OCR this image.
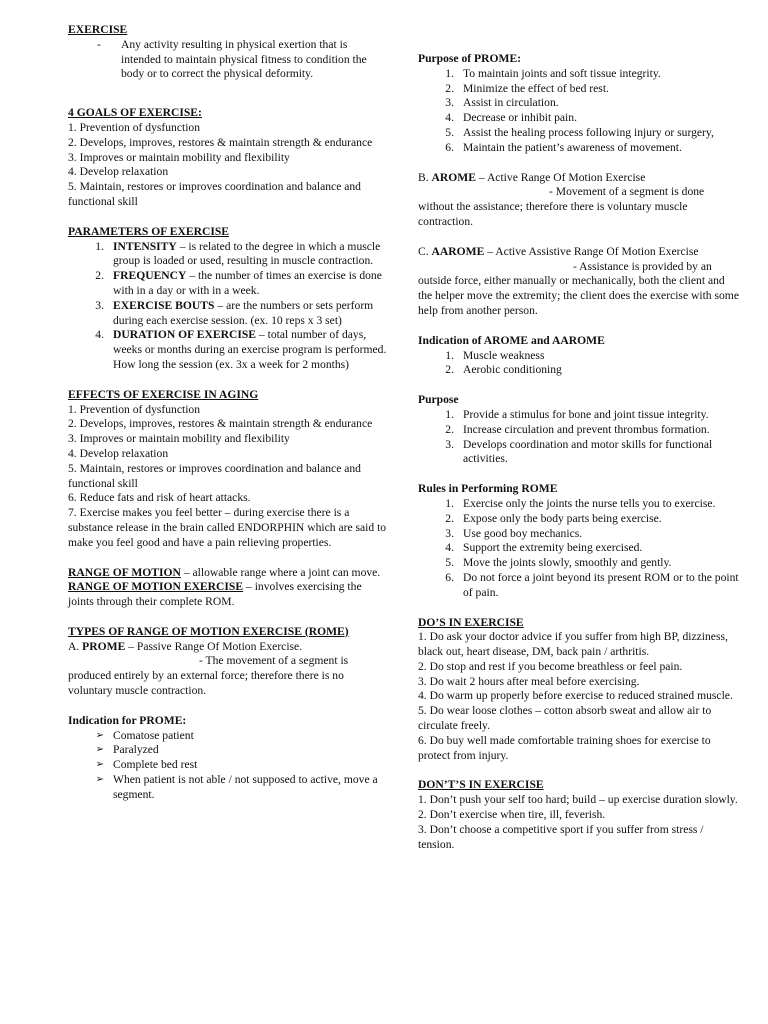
EXERCISE

-	Any activity resulting in physical exertion that is intended to maintain physical fitness to condition the body or to correct the physical deformity.

4 GOALS OF EXERCISE:

1. Prevention of dysfunction

2. Develops, improves, restores & maintain strength & endurance

3. Improves or maintain mobility and flexibility

4. Develop relaxation

5. Maintain, restores or improves coordination and balance and functional skill

PARAMETERS OF EXERCISE

1. INTENSITY – is related to the degree in which a muscle group is loaded or used, resulting in muscle contraction.
2. FREQUENCY – the number of times an exercise is done with in a day or with in a week.
3. EXERCISE BOUTS – are the numbers or sets perform during each exercise session. (ex. 10 reps x 3 set)
4. DURATION OF EXERCISE – total number of days, weeks or months during an exercise program is performed. How long the session (ex. 3x a week for 2 months)

EFFECTS OF EXERCISE IN AGING

1. Prevention of dysfunction

2. Develops, improves, restores & maintain strength & endurance

3. Improves or maintain mobility and flexibility

4. Develop relaxation

5. Maintain, restores or improves coordination and balance and functional skill

6. Reduce fats and risk of heart attacks.

7. Exercise makes you feel better – during exercise there is a substance release in the brain called ENDORPHIN which are said to make you feel good and have a pain relieving properties.

RANGE OF MOTION – allowable range where a joint can move.

RANGE OF MOTION EXERCISE – involves exercising the joints through their complete ROM.

TYPES OF RANGE OF MOTION EXERCISE (ROME)

A. PROME – Passive Range Of Motion Exercise.

- The movement of a segment is

produced entirely by an external force; therefore there is no voluntary muscle contraction.

Indication for PROME:

➢ Comatose patient
➢ Paralyzed
➢ Complete bed rest
➢ When patient is not able / not supposed to active, move a segment.

Purpose of PROME:

1. To maintain joints and soft tissue integrity.
2. Minimize the effect of bed rest.
3. Assist in circulation.
4. Decrease or inhibit pain.
5. Assist the healing process following injury or surgery,
6. Maintain the patient’s awareness of movement.

B. AROME – Active Range Of Motion Exercise

- Movement of a segment is done

without the assistance; therefore there is voluntary muscle contraction.

C. AAROME – Active Assistive Range Of Motion Exercise

- Assistance is provided by an

outside force, either manually or mechanically, both the client and the helper move the extremity; the client does the exercise with some help from another person.

Indication of AROME and AAROME

1. Muscle weakness
2. Aerobic conditioning

Purpose

1. Provide a stimulus for bone and joint tissue integrity.
2. Increase circulation and prevent thrombus formation.
3. Develops coordination and motor skills for functional activities.

Rules in Performing ROME

1. Exercise only the joints the nurse tells you to exercise.
2. Expose only the body parts being exercise.
3. Use good boy mechanics.
4. Support the extremity being exercised.
5. Move the joints slowly, smoothly and gently.
6. Do not force a joint beyond its present ROM or to the point of pain.

DO’S IN EXERCISE

1. Do ask your doctor advice if you suffer from high BP, dizziness, black out, heart disease, DM, back pain / arthritis.

2. Do stop and rest if you become breathless or feel pain.

3. Do wait 2 hours after meal before exercising.

4. Do warm up properly before exercise to reduced strained muscle.

5. Do wear loose clothes – cotton absorb sweat and allow air to circulate freely.

6. Do buy well made comfortable training shoes for exercise to protect from injury.

DON’T’S IN EXERCISE

1. Don’t push your self too hard; build – up exercise duration slowly.

2. Don’t exercise when tire, ill, feverish.

3. Don’t choose a competitive sport if you suffer from stress / tension.
